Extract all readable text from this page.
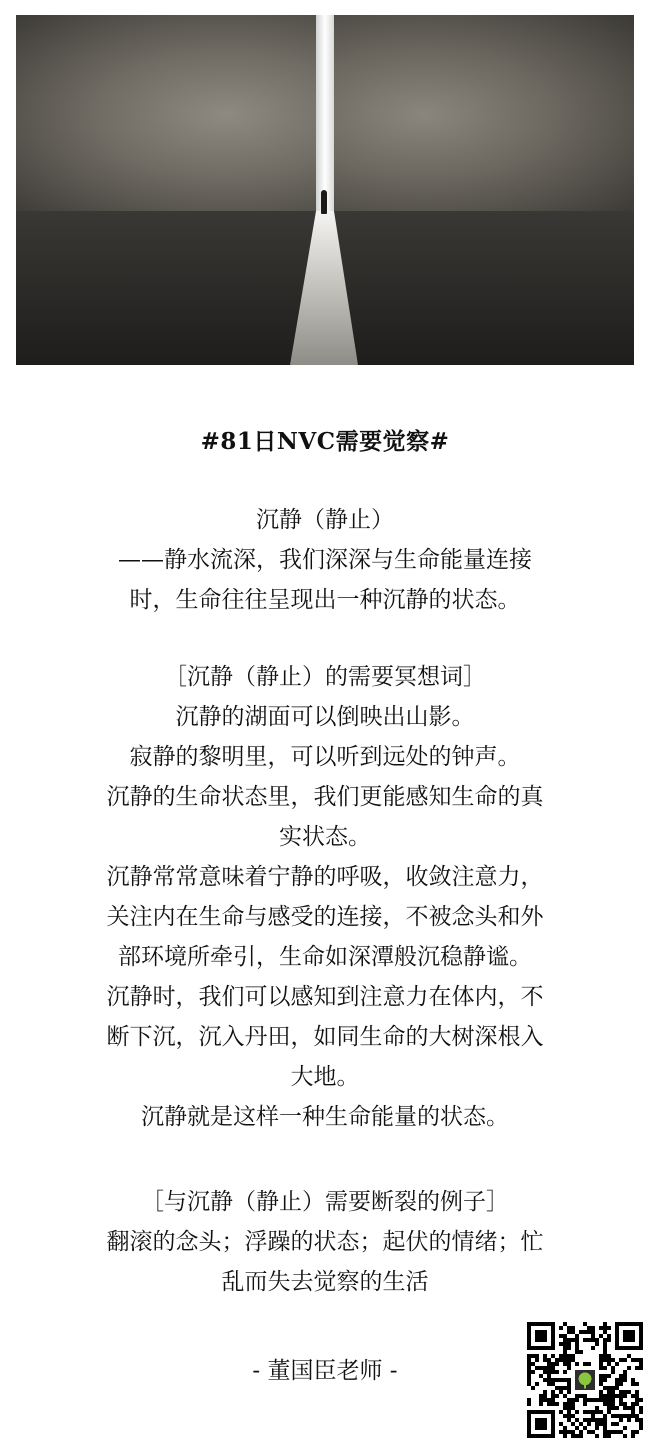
#81日NVC需要觉察#

沉静（静止）

——静水流深，我们深深与生命能量连接

时，生命往往呈现出一种沉静的状态。

［沉静（静止）的需要冥想词］

沉静的湖面可以倒映出山影。

寂静的黎明里，可以听到远处的钟声。

沉静的生命状态里，我们更能感知生命的真

实状态。

沉静常常意味着宁静的呼吸，收敛注意力，

关注内在生命与感受的连接，不被念头和外

部环境所牵引，生命如深潭般沉稳静谧。

沉静时，我们可以感知到注意力在体内，不

断下沉，沉入丹田，如同生命的大树深根入

大地。

沉静就是这样一种生命能量的状态。

［与沉静（静止）需要断裂的例子］

翻滚的念头；浮躁的状态；起伏的情绪；忙

乱而失去觉察的生活

- 董国臣老师 -
